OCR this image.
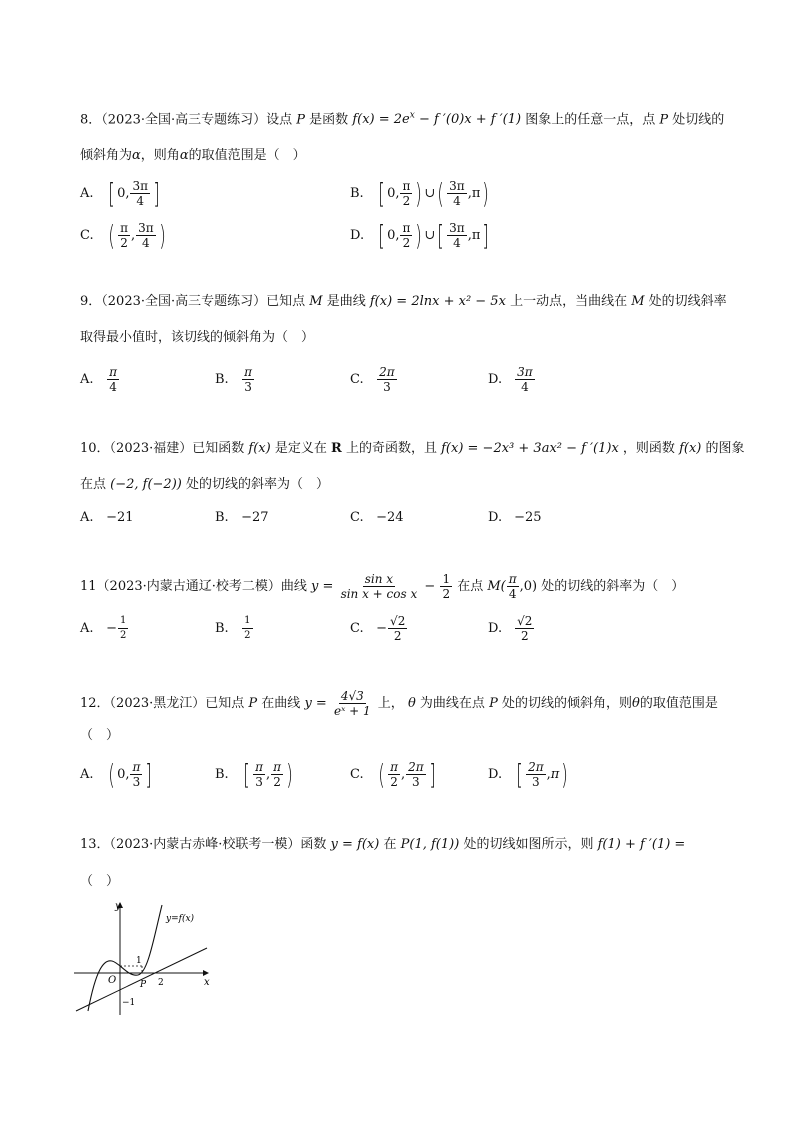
8．（2023·全国·高三专题练习）设点 P 是函数 $f(x) = 2e^x - f$ ′(0)x + f ′(1) 图象上的任意一点，点 P 处切线的
倾斜角为α，则角α的取值范围是（　）
A. [ 0, $\frac{3\pi}{4}$ ]	B. [ 0, $\frac{\pi}{2}$ ) ∪ ( $\frac{3\pi}{4} ,\pi$ )
C. ( $\frac{\pi}{2}$ , $\frac{3\pi}{4}$ )	D. [ 0, $\frac{\pi}{2}$ ) ∪ [ $\frac{3\pi}{4} ,\pi$ ]
9．（2023·全国·高三专题练习）已知点 M 是曲线 f(x) = 2lnx + x² − 5x 上一动点，当曲线在 M 处的切线斜率
取得最小值时，该切线的倾斜角为（　）
A. $\frac{\pi}{4}$	B. $\frac{\pi}{3}$	C. $\frac{2\pi}{3}$	D. $\frac{3\pi}{4}$
10．（2023·福建）已知函数 f(x) 是定义在 R 上的奇函数，且 f(x) = −2x³ + 3ax² − f ′(1)x ，则函数 f(x) 的图象
在点 (−2, f(−2)) 处的切线的斜率为（　）
A. −21	B. −27	C. −24	D. −25
11（2023·内蒙古通辽·校考二模）曲线 $y = \frac{\text{sin x}}{\text{sin x + cos x}} - \frac{1}{2}$ 在点 $M( \frac{\pi}{4} ,0)$ 处的切线的斜率为（　）
A. − $\frac{1}{2}$	B. $\frac{1}{2}$	C. − $\frac{√2}{2}$	D. $\frac{√2}{2}$
12．（2023·黑龙江）已知点 P 在曲线 $y = \frac{4√3}{\text{eˣ + 1}}$ 上， θ 为曲线在点 P 处的切线的倾斜角，则θ的取值范围是
（　）
A. ( 0, $\frac{\pi}{3}$ ]	B. [ $\frac{\pi}{3}$ , $\frac{\pi}{2}$ )	C. ( $\frac{\pi}{2}$ , $\frac{2\pi}{3}$ ]	D. [ $\frac{2\pi}{3}$ , π )
13．（2023·内蒙古赤峰·校联考一模）函数 y = f(x) 在 P(1, f(1)) 处的切线如图所示，则 f(1) + f ′(1) =
（　）
y
x
y=f(x)
O
1
2
−1
P
